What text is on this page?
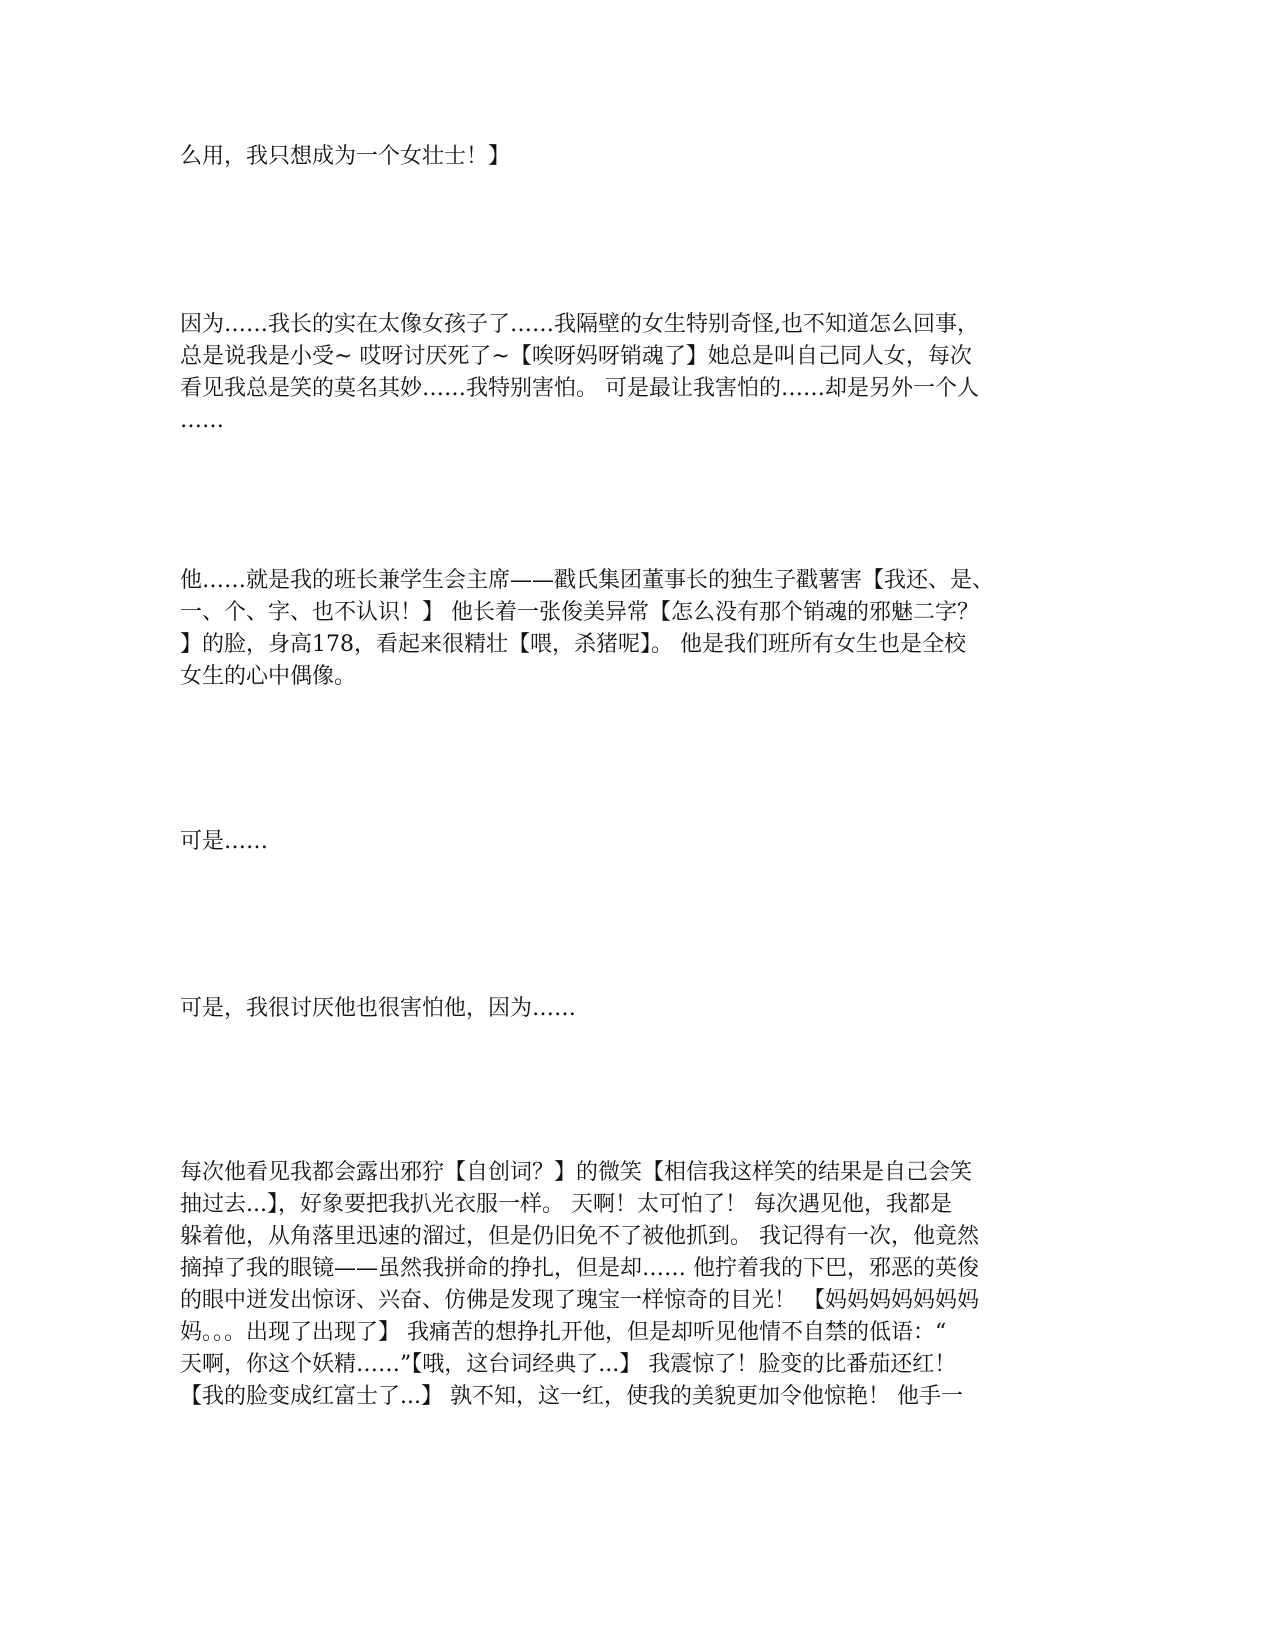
么用，我只想成为一个女壮士！】

因为……我长的实在太像女孩子了……我隔壁的女生特别奇怪,也不知道怎么回事，
总是说我是小受~ 哎呀讨厌死了~【唉呀妈呀销魂了】她总是叫自己同人女，每次
看见我总是笑的莫名其妙……我特别害怕。 可是最让我害怕的……却是另外一个人
……

他……就是我的班长兼学生会主席——戳氏集团董事长的独生子戳薯害【我还、是、
一、个、字、也不认识！】 他长着一张俊美异常【怎么没有那个销魂的邪魅二字？
】的脸，身高178，看起来很精壮【喂，杀猪呢】。 他是我们班所有女生也是全校
女生的心中偶像。

可是……

可是，我很讨厌他也很害怕他，因为……

每次他看见我都会露出邪狞【自创词？】的微笑【相信我这样笑的结果是自己会笑
抽过去...】，好象要把我扒光衣服一样。 天啊！太可怕了！ 每次遇见他，我都是
躲着他，从角落里迅速的溜过，但是仍旧免不了被他抓到。 我记得有一次，他竟然
摘掉了我的眼镜——虽然我拼命的挣扎，但是却…… 他拧着我的下巴，邪恶的英俊
的眼中迸发出惊讶、兴奋、仿佛是发现了瑰宝一样惊奇的目光！ 【妈妈妈妈妈妈妈
妈。。。出现了出现了】 我痛苦的想挣扎开他，但是却听见他情不自禁的低语：“
天啊，你这个妖精……”【哦，这台词经典了...】 我震惊了！脸变的比番茄还红！
【我的脸变成红富士了...】 孰不知，这一红，使我的美貌更加令他惊艳！ 他手一
